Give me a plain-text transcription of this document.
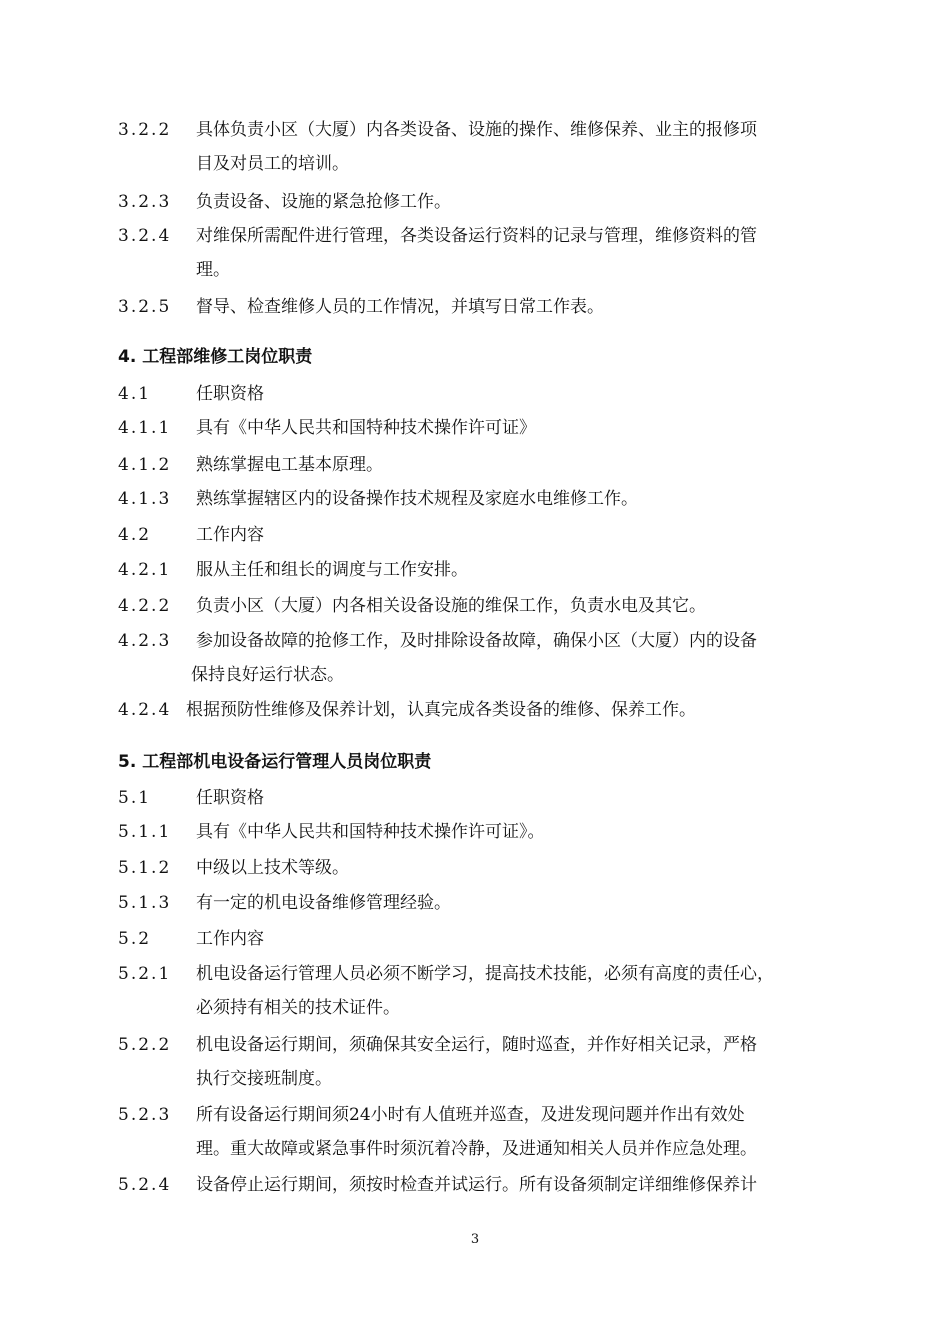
3.2.2 具体负责小区（大厦）内各类设备、设施的操作、维修保养、业主的报修项
目及对员工的培训。
3.2.3 负责设备、设施的紧急抢修工作。
3.2.4 对维保所需配件进行管理，各类设备运行资料的记录与管理，维修资料的管
理。
3.2.5 督导、检查维修人员的工作情况，并填写日常工作表。
4. 工程部维修工岗位职责
4.1	任职资格
4.1.1 具有《中华人民共和国特种技术操作许可证》
4.1.2 熟练掌握电工基本原理。
4.1.3 熟练掌握辖区内的设备操作技术规程及家庭水电维修工作。
4.2	工作内容
4.2.1 服从主任和组长的调度与工作安排。
4.2.2 负责小区（大厦）内各相关设备设施的维保工作，负责水电及其它。
4.2.3 参加设备故障的抢修工作，及时排除设备故障，确保小区（大厦）内的设备
保持良好运行状态。
4.2.4 根据预防性维修及保养计划，认真完成各类设备的维修、保养工作。
5. 工程部机电设备运行管理人员岗位职责
5.1	任职资格
5.1.1 具有《中华人民共和国特种技术操作许可证》。
5.1.2 中级以上技术等级。
5.1.3 有一定的机电设备维修管理经验。
5.2	工作内容
5.2.1 机电设备运行管理人员必须不断学习，提高技术技能，必须有高度的责任心，
必须持有相关的技术证件。
5.2.2 机电设备运行期间，须确保其安全运行，随时巡查，并作好相关记录，严格
执行交接班制度。
5.2.3 所有设备运行期间须24小时有人值班并巡查，及进发现问题并作出有效处
理。重大故障或紧急事件时须沉着冷静，及进通知相关人员并作应急处理。
5.2.4 设备停止运行期间，须按时检查并试运行。所有设备须制定详细维修保养计
3
